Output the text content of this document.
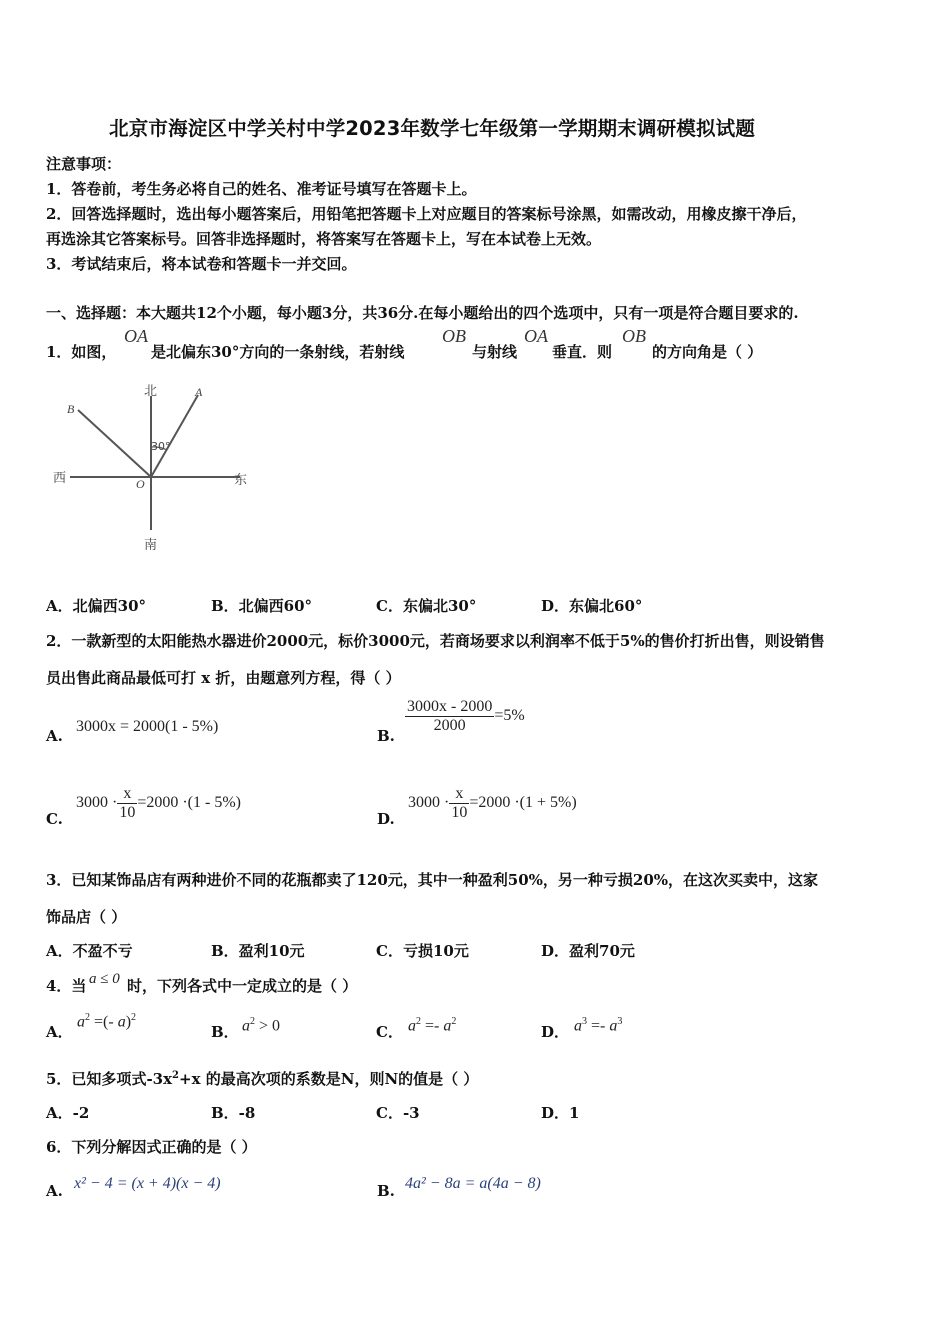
北京市海淀区中学关村中学2023年数学七年级第一学期期末调研模拟试题
注意事项：
1．答卷前，考生务必将自己的姓名、准考证号填写在答题卡上。
2．回答选择题时，选出每小题答案后，用铅笔把答题卡上对应题目的答案标号涂黑，如需改动，用橡皮擦干净后，
再选涂其它答案标号。回答非选择题时，将答案写在答题卡上，写在本试卷上无效。
3．考试结束后，将本试卷和答题卡一并交回。
一、选择题：本大题共12个小题，每小题3分，共36分.在每小题给出的四个选项中，只有一项是符合题目要求的.
1．如图，
OA
是北偏东30°方向的一条射线，若射线
OB
与射线
OA
垂直．则
OB
的方向角是（ ）
北
南
西	东
A
B
O
30°
A．北偏西30°	B．北偏西60°	C．东偏北30°	D．东偏北60°
2．一款新型的太阳能热水器进价2000元，标价3000元，若商场要求以利润率不低于5%的售价打折出售，则设销售
员出售此商品最低可打 x 折，由题意列方程，得（ ）
A.
3000x = 2000(1 - 5%)
B.
$\frac{3000x - 2000}{2000} =5\%$
C.
$3000 \cdot \frac{x}{10} =2000 \cdot(1 - 5\%)$
D.
$3000 \cdot \frac{x}{10} =2000 \cdot(1 + 5\%)$
3．已知某饰品店有两种进价不同的花瓶都卖了120元，其中一种盈利50%，另一种亏损20%，在这次买卖中，这家
饰品店（ ）
A．不盈不亏	B．盈利10元	C．亏损10元	D．盈利70元
4．当 a ≤ 0 时，下列各式中一定成立的是（ ）
A．
$a^2$ =(- a)$^2$
B． $a^2 > 0$	C． $a^2 =- a^2$
D． $a^3 =- a^3$
5．已知多项式$-3x^2+x$ 的最高次项的系数是N，则N的值是（ ）
A．-2	B．-8	C．-3	D．1
6．下列分解因式正确的是（ ）
A. x² − 4 = (x + 4)(x − 4)	B. 4a² − 8a = a(4a − 8)
